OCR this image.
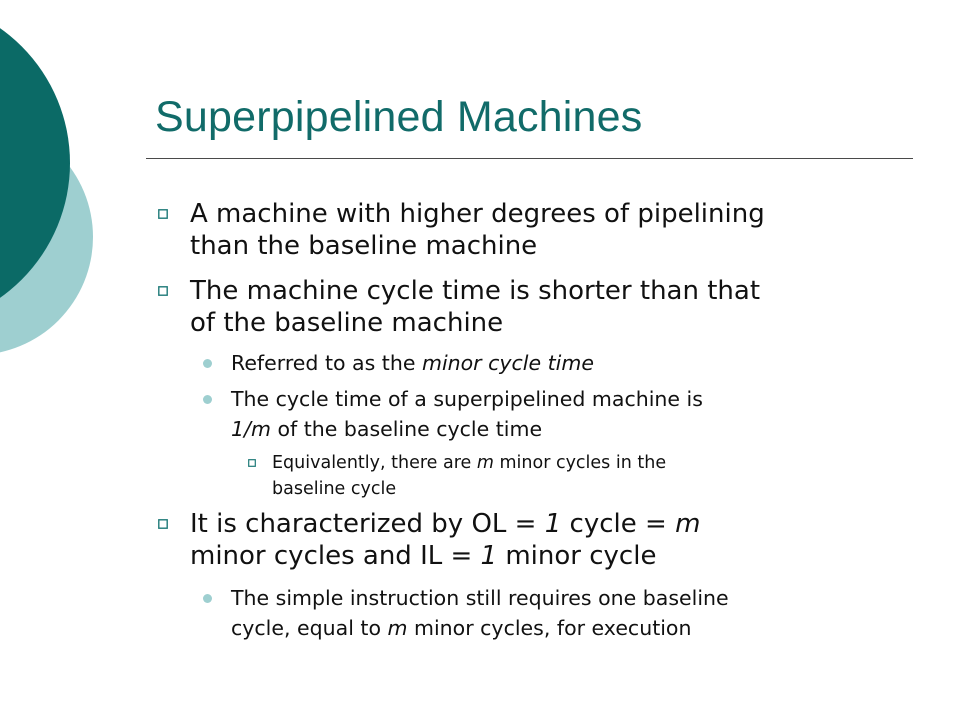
Superpipelined Machines
A machine with higher degrees of pipelining
than the baseline machine
The machine cycle time is shorter than that
of the baseline machine
Referred to as the minor cycle time
The cycle time of a superpipelined machine is
1/m of the baseline cycle time
Equivalently, there are m minor cycles in the
baseline cycle
It is characterized by OL = 1 cycle = m
minor cycles and IL = 1 minor cycle
The simple instruction still requires one baseline
cycle, equal to m minor cycles, for execution
